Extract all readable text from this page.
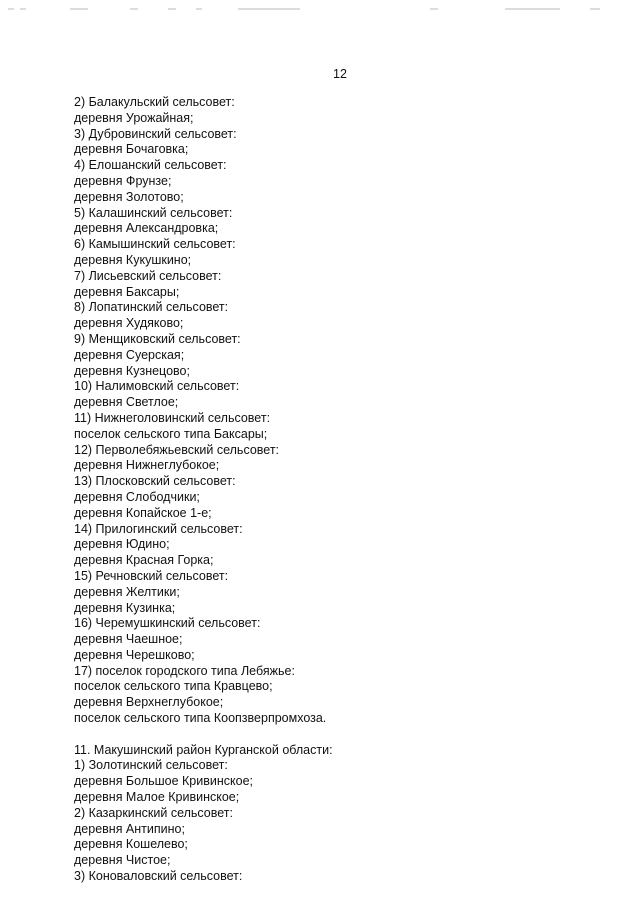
12
2) Балакульский сельсовет:
деревня Урожайная;
3) Дубровинский сельсовет:
деревня Бочаговка;
4) Елошанский сельсовет:
деревня Фрунзе;
деревня Золотово;
5) Калашинский сельсовет:
деревня Александровка;
6) Камышинский сельсовет:
деревня Кукушкино;
7) Лисьевский сельсовет:
деревня Баксары;
8) Лопатинский сельсовет:
деревня Худяково;
9) Менщиковский сельсовет:
деревня Суерская;
деревня Кузнецово;
10) Налимовский сельсовет:
деревня Светлое;
11) Нижнеголовинский сельсовет:
поселок сельского типа Баксары;
12) Перволебяжьевский сельсовет:
деревня Нижнеглубокое;
13) Плосковский сельсовет:
деревня Слободчики;
деревня Копайское 1-е;
14) Прилогинский сельсовет:
деревня Юдино;
деревня Красная Горка;
15) Речновский сельсовет:
деревня Желтики;
деревня Кузинка;
16) Черемушкинский сельсовет:
деревня Чаешное;
деревня Черешково;
17) поселок городского типа Лебяжье:
поселок сельского типа Кравцево;
деревня Верхнеглубокое;
поселок сельского типа Коопзверпромхоза.
11. Макушинский район Курганской области:
1) Золотинский сельсовет:
деревня Большое Кривинское;
деревня Малое Кривинское;
2) Казаркинский сельсовет:
деревня Антипино;
деревня Кошелево;
деревня Чистое;
3) Коноваловский сельсовет:
